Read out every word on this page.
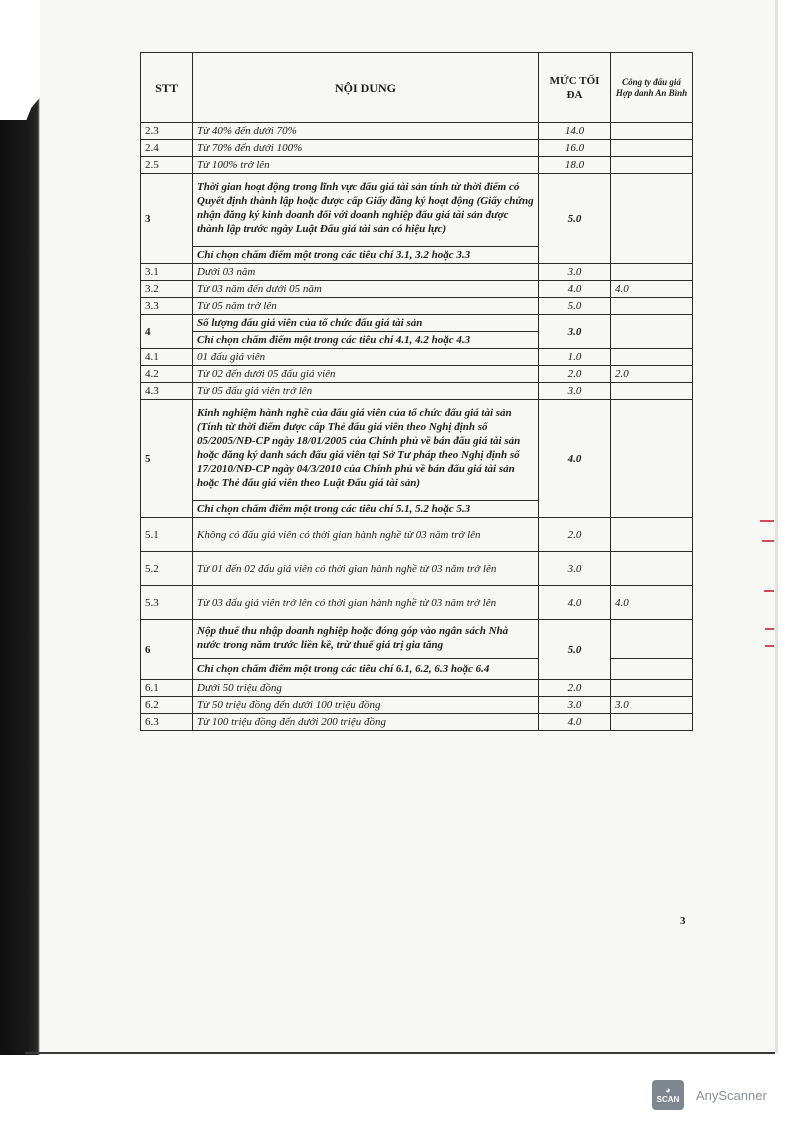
STT	NỘI DUNG	MỨC TỐI ĐA	Công ty đấu giá Hợp danh An Bình
2.3	Từ 40% đến dưới 70%	14.0	
2.4	Từ 70% đến dưới 100%	16.0	
2.5	Từ 100% trở lên	18.0	
3	Thời gian hoạt động trong lĩnh vực đấu giá tài sản tính từ thời điểm có Quyết định thành lập hoặc được cấp Giấy đăng ký hoạt động (Giấy chứng nhận đăng ký kinh doanh đối với doanh nghiệp đấu giá tài sản được thành lập trước ngày Luật Đấu giá tài sản có hiệu lực)	5.0	
	Chỉ chọn chấm điểm một trong các tiêu chí 3.1, 3.2 hoặc 3.3		
3.1	Dưới 03 năm	3.0	
3.2	Từ 03 năm đến dưới 05 năm	4.0	4.0
3.3	Từ 05 năm trở lên	5.0	
4	Số lượng đấu giá viên của tổ chức đấu giá tài sản	3.0	
	Chỉ chọn chấm điểm một trong các tiêu chí 4.1, 4.2 hoặc 4.3		
4.1	01 đấu giá viên	1.0	
4.2	Từ 02 đến dưới 05 đấu giá viên	2.0	2.0
4.3	Từ 05 đấu giá viên trở lên	3.0	
5	Kinh nghiệm hành nghề của đấu giá viên của tổ chức đấu giá tài sản (Tính từ thời điểm được cấp Thẻ đấu giá viên theo Nghị định số 05/2005/NĐ-CP ngày 18/01/2005 của Chính phủ về bán đấu giá tài sản hoặc đăng ký danh sách đấu giá viên tại Sở Tư pháp theo Nghị định số 17/2010/NĐ-CP ngày 04/3/2010 của Chính phủ về bán đấu giá tài sản hoặc Thẻ đấu giá viên theo Luật Đấu giá tài sản)	4.0	
	Chỉ chọn chấm điểm một trong các tiêu chí 5.1, 5.2 hoặc 5.3		
5.1	Không có đấu giá viên có thời gian hành nghề từ 03 năm trở lên	2.0	
5.2	Từ 01 đến 02 đấu giá viên có thời gian hành nghề từ 03 năm trở lên	3.0	
5.3	Từ 03 đấu giá viên trở lên có thời gian hành nghề từ 03 năm trở lên	4.0	4.0
6	Nộp thuế thu nhập doanh nghiệp hoặc đóng góp vào ngân sách Nhà nước trong năm trước liền kề, trừ thuế giá trị gia tăng	5.0	
	Chỉ chọn chấm điểm một trong các tiêu chí 6.1, 6.2, 6.3 hoặc 6.4		
6.1	Dưới 50 triệu đồng	2.0	
6.2	Từ 50 triệu đồng đến dưới 100 triệu đồng	3.0	3.0
6.3	Từ 100 triệu đồng đến dưới 200 triệu đồng	4.0	
3
◕
SCAN AnyScanner
